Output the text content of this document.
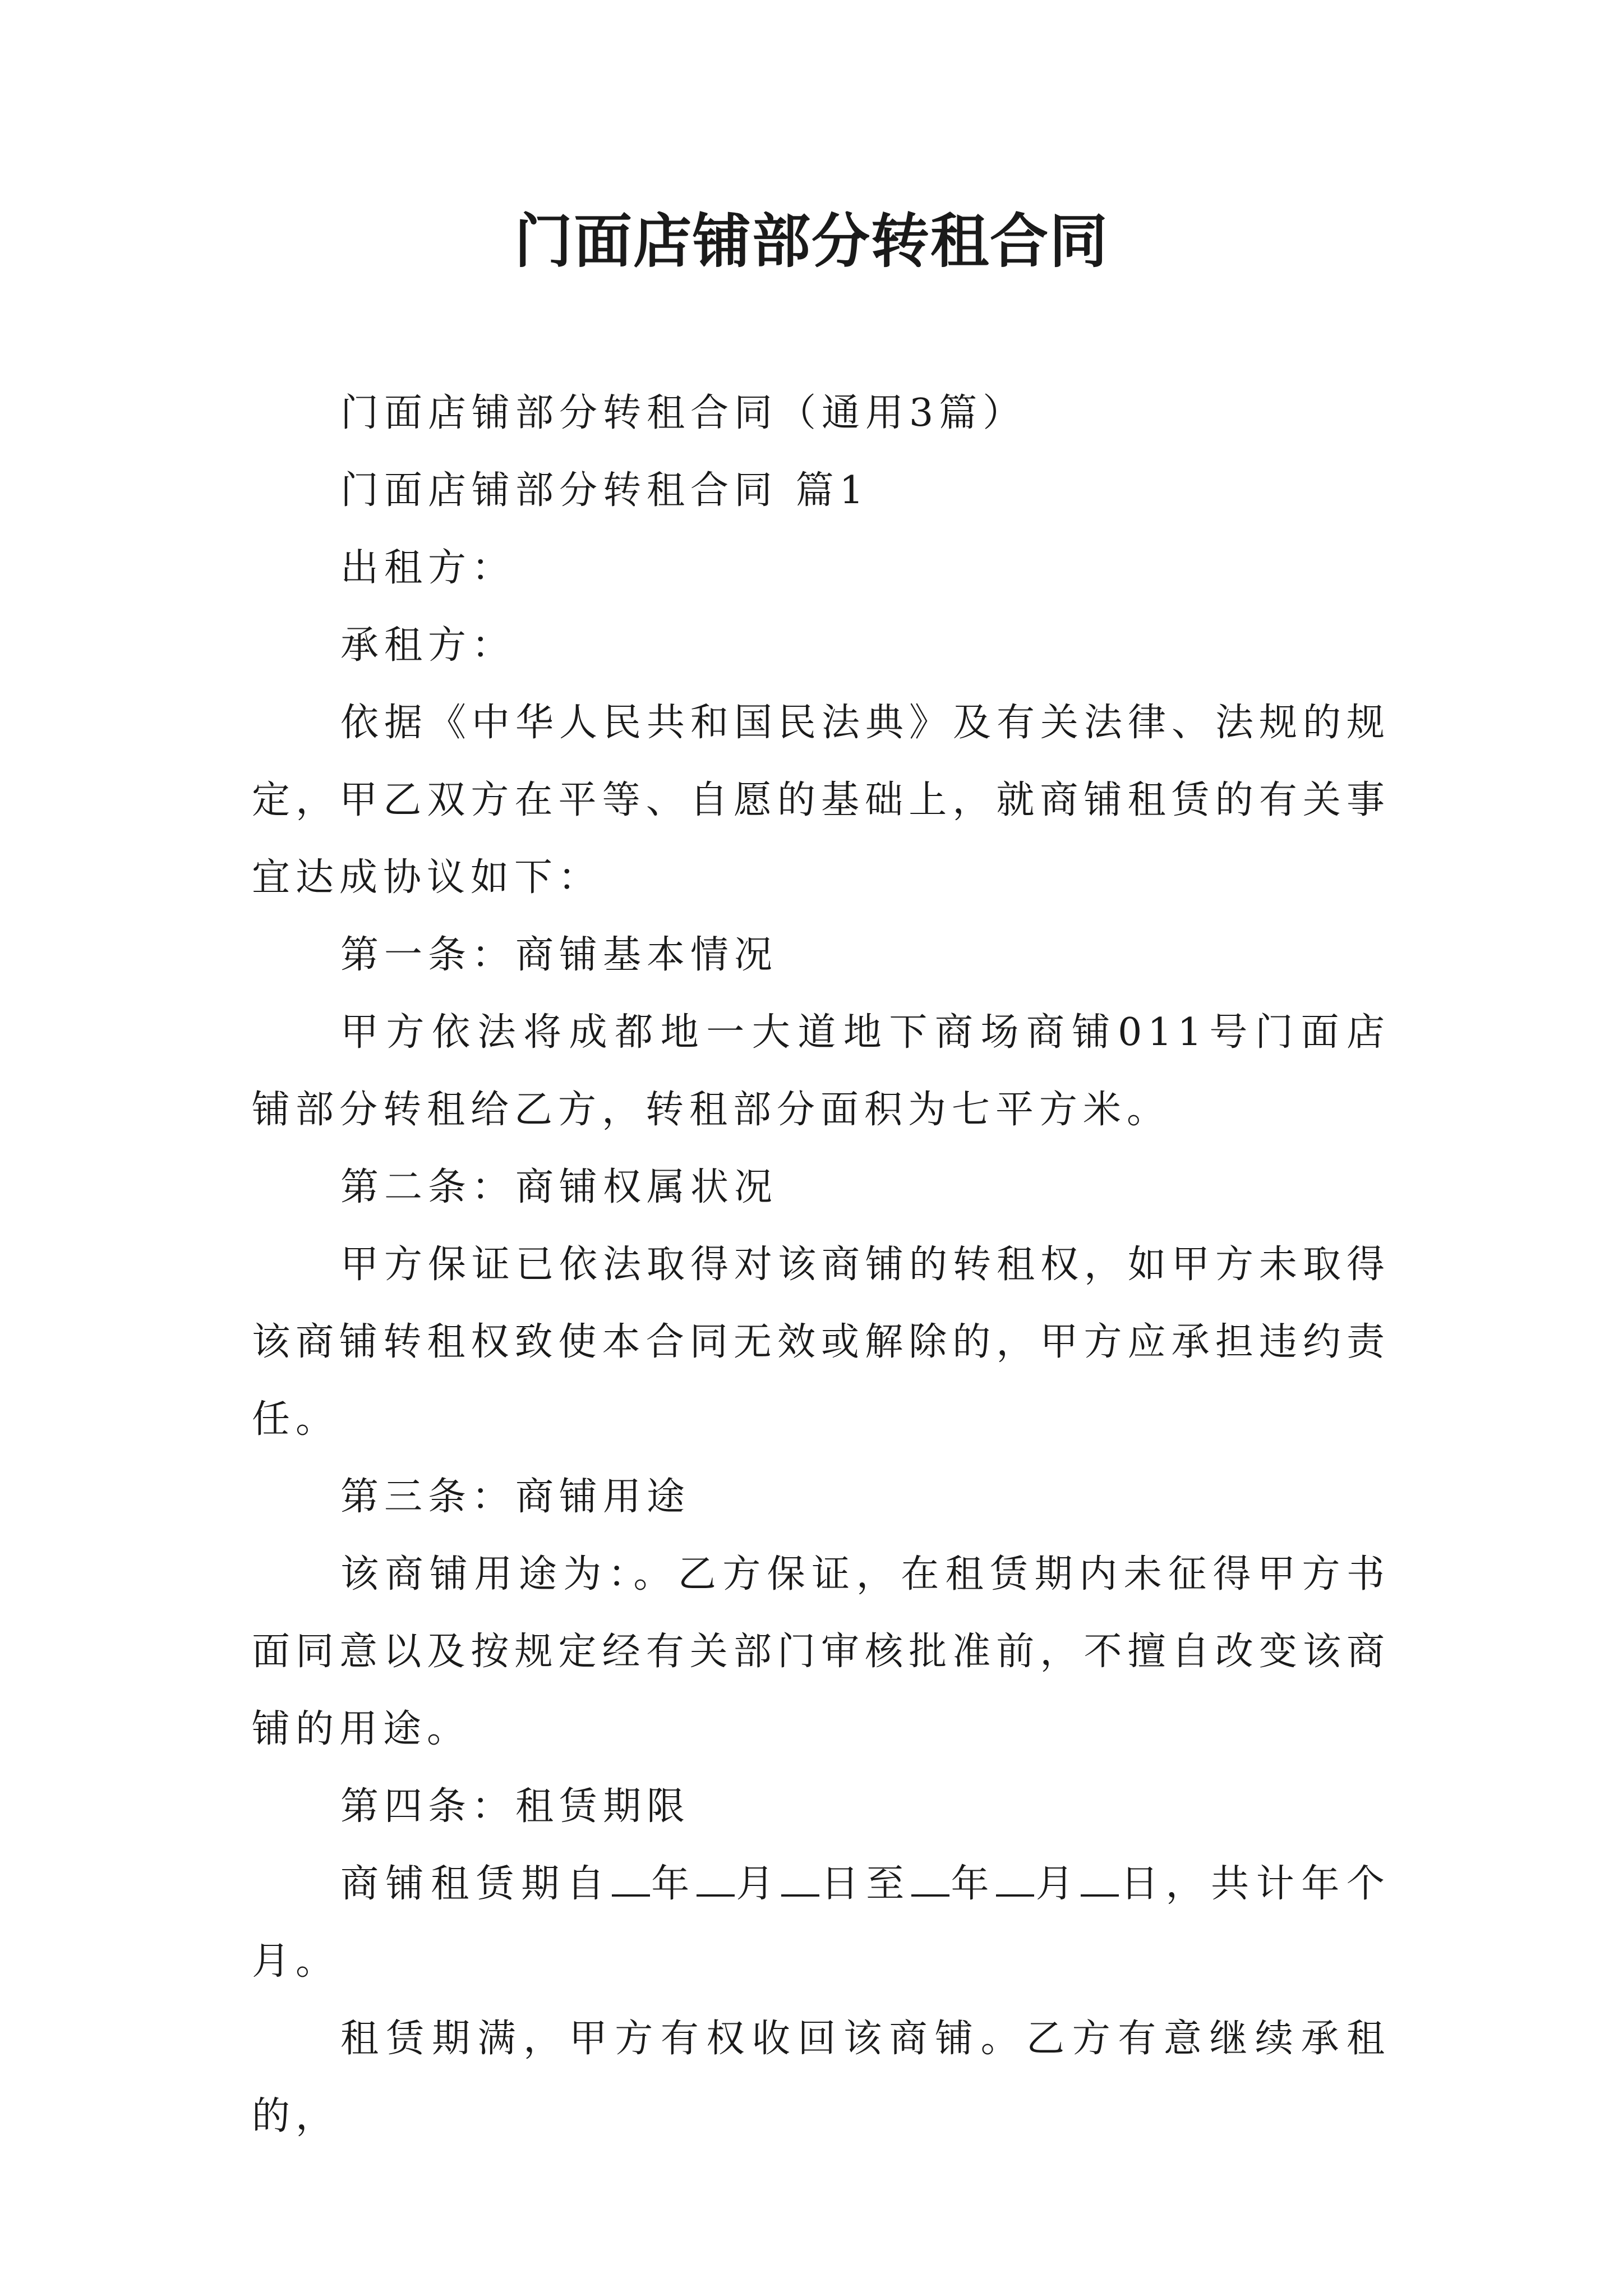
门面店铺部分转租合同

门面店铺部分转租合同（通用3篇）

门面店铺部分转租合同 篇1

出租方：

承租方：

依据《中华人民共和国民法典》及有关法律、法规的规定，甲乙双方在平等、自愿的基础上，就商铺租赁的有关事宜达成协议如下：

第一条：商铺基本情况

甲方依法将成都地一大道地下商场商铺011号门面店铺部分转租给乙方，转租部分面积为七平方米。

第二条：商铺权属状况

甲方保证已依法取得对该商铺的转租权，如甲方未取得该商铺转租权致使本合同无效或解除的，甲方应承担违约责任。

第三条：商铺用途

该商铺用途为：。乙方保证，在租赁期内未征得甲方书面同意以及按规定经有关部门审核批准前，不擅自改变该商铺的用途。

第四条：租赁期限

商铺租赁期自 年 月 日至 年 月 日，共计年个月。

租赁期满，甲方有权收回该商铺。乙方有意继续承租的，
